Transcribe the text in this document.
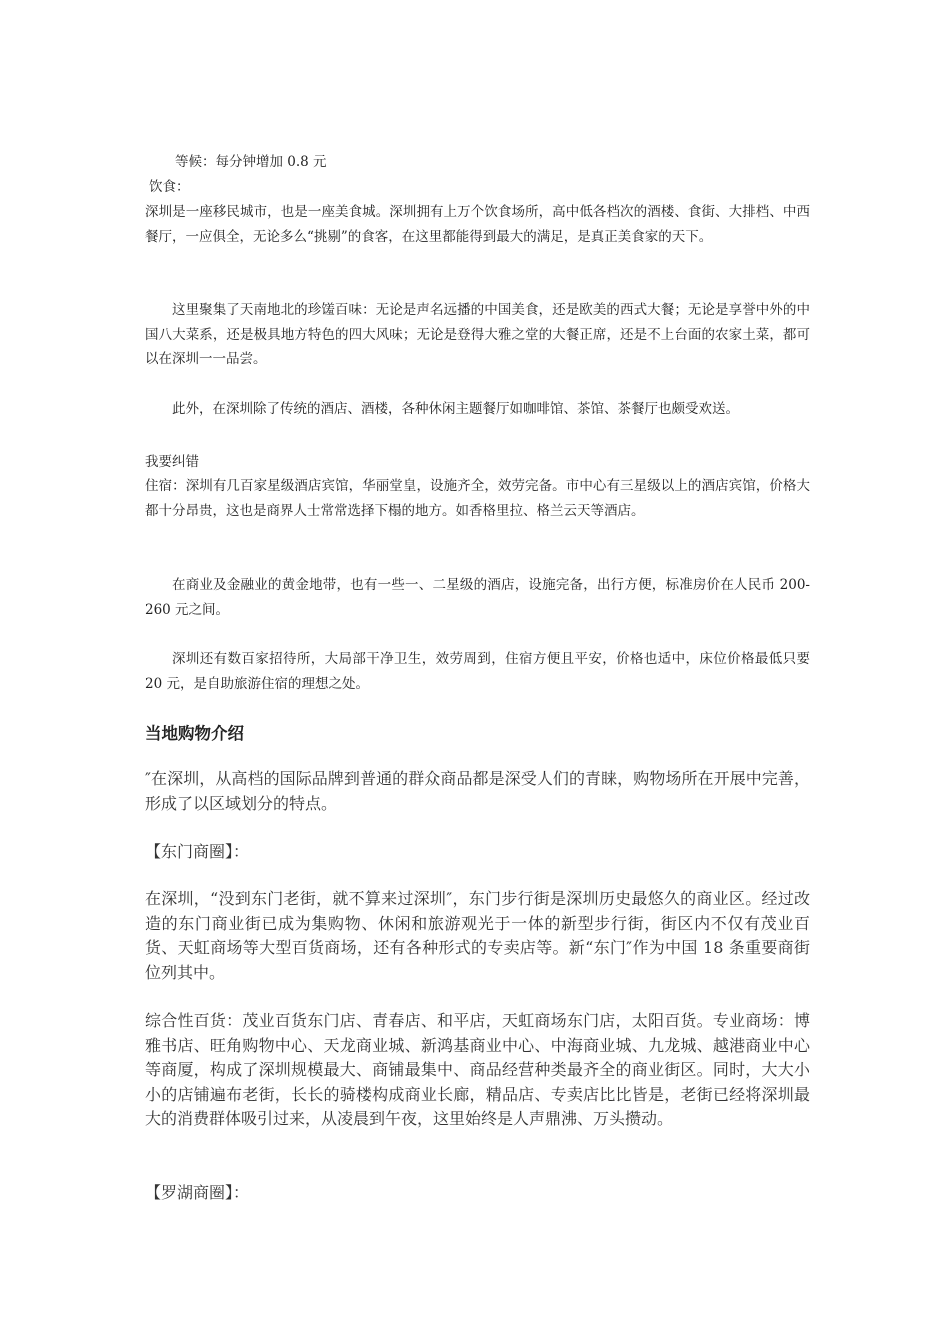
等候：每分钟增加 0.8 元

饮食：

深圳是一座移民城市，也是一座美食城。深圳拥有上万个饮食场所，高中低各档次的酒楼、食街、大排档、中西餐厅，一应俱全，无论多么“挑剔”的食客，在这里都能得到最大的满足，是真正美食家的天下。

这里聚集了天南地北的珍馐百味：无论是声名远播的中国美食，还是欧美的西式大餐；无论是享誉中外的中国八大菜系，还是极具地方特色的四大风味；无论是登得大雅之堂的大餐正席，还是不上台面的农家土菜，都可以在深圳一一品尝。

此外，在深圳除了传统的酒店、酒楼，各种休闲主题餐厅如咖啡馆、茶馆、茶餐厅也颇受欢送。

我要纠错

住宿：深圳有几百家星级酒店宾馆，华丽堂皇，设施齐全，效劳完备。市中心有三星级以上的酒店宾馆，价格大都十分昂贵，这也是商界人士常常选择下榻的地方。如香格里拉、格兰云天等酒店。

在商业及金融业的黄金地带，也有一些一、二星级的酒店，设施完备，出行方便，标准房价在人民币 200-260 元之间。

深圳还有数百家招待所，大局部干净卫生，效劳周到，住宿方便且平安，价格也适中，床位价格最低只要 20 元，是自助旅游住宿的理想之处。

当地购物介绍

″在深圳，从高档的国际品牌到普通的群众商品都是深受人们的青睐，购物场所在开展中完善，形成了以区域划分的特点。

【东门商圈】：

在深圳，“没到东门老街，就不算来过深圳″，东门步行街是深圳历史最悠久的商业区。经过改造的东门商业街已成为集购物、休闲和旅游观光于一体的新型步行街，街区内不仅有茂业百货、天虹商场等大型百货商场，还有各种形式的专卖店等。新“东门″作为中国 18 条重要商街位列其中。

综合性百货：茂业百货东门店、青春店、和平店，天虹商场东门店，太阳百货。专业商场：博雅书店、旺角购物中心、天龙商业城、新鸿基商业中心、中海商业城、九龙城、越港商业中心等商厦，构成了深圳规模最大、商铺最集中、商品经营种类最齐全的商业街区。同时，大大小小的店铺遍布老街，长长的骑楼构成商业长廊，精品店、专卖店比比皆是，老街已经将深圳最大的消费群体吸引过来，从凌晨到午夜，这里始终是人声鼎沸、万头攒动。

【罗湖商圈】：
